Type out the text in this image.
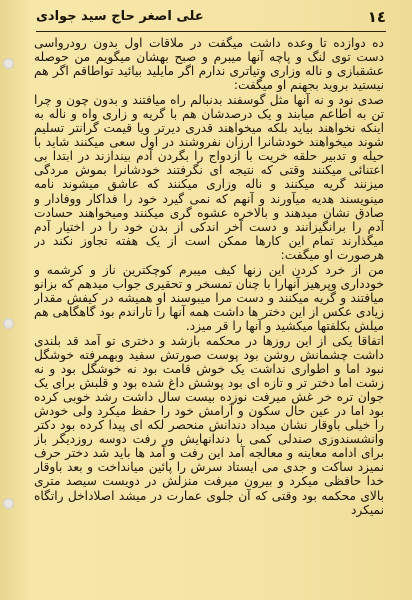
١٤
علی اصغر حاج سید جوادی

ده دوازده تا وعده داشت میگفت در ملاقات اول بدون رودرواسی دست توی لنگ و پاچه آنها میبرم و صبح بهشان میگویم من حوصله عشقبازی و ناله وزاری وتیاتری ندارم اگر مایلید بیائید تواطاقم اگر هم نیستید بروید بجهنم او میگفت:

صدی نود و نه آنها مثل گوسفند بدنبالم راه میافتند و بدون چون و چرا تن به اطاعم میابند و یک درصدشان هم با گریه و زاری واه و ناله به اینکه نخواهند بیاید بلکه میخواهند قدری دیرتر ویا قیمت گرانتر تسلیم شوند میخواهند خودشانرا ارزان نفروشند در اول سعی میکنند شاید با حیله و تدبیر حلقه خریت با ازدواج را بگردن آدم بیندازند در ابتدا بی اعتنائی میکنند وقتی که نتیجه ای نگرفتند خودشانرا بموش مردگی میزنند گریه میکنند و ناله وزاری میکنند که عاشق میشوند نامه مینویسند هدیه میآورند و آنهم که نمی گیرد خود را فداکار ووفادار و صادق نشان میدهند و بالاخره عشوه گری میکنند ومیخواهند حسادت آدم را برانگیزانند و دست آخر اندکی از بدن خود را در اختیار آدم میگذارند تمام این کارها ممکن است از یک هفته تجاوز نکند در هرصورت او میگفت:

من از خرد کردن این زنها کیف میبرم کوچکترین ناز و کرشمه و خودداری وپرهیز آنهارا با چنان تمسخر و تحقیری جواب میدهم که بزانو میافتند و گریه میکنند و دست مرا میبوسند او همیشه در کیفش مقدار زیادی عکس از این دختر ها داشت همه آنها را تاراندم بود گاهگاهی هم میلش بکلفتها میکشید و آنها را قر میزد.

اتفاقا یکی از این روزها در محکمه بازشد و دختری تو آمد قد بلندی داشت چشمانش روشن بود پوست صورتش سفید وبهمرفته خوشگل نبود اما و اطواری نداشت یک خوش قامت بود نه خوشگل بود و نه زشت اما دختر تر و تازه ای بود پوشش داغ شده بود و قلبش برای یک جوان تره خر غش میرفت نوزده بیست سال داشت رشد خوبی کرده بود اما در عین حال سکون و آرامش خود را حفظ میکرد ولی خودش را خیلی باوقار نشان میداد دندانش منحصر لکه ای پیدا کرده بود دکتر وانشسندوزی صندلی کمی با دندانهایش ور رفت دوسه روزدیگر باز برای ادامه معاینه و معالجه آمد این رفت و آمد ها باید شد دختر حرف نمیزد ساکت و جدی می ایستاد سرش را پائین میانداخت و بعد باوقار خدا حافظی میکرد و بیرون میرفت منزلش در دویست سیصد متری بالای محکمه بود وقتی که آن جلوی عمارت در میشد اصلاداخل راتگاه نمیکرد
